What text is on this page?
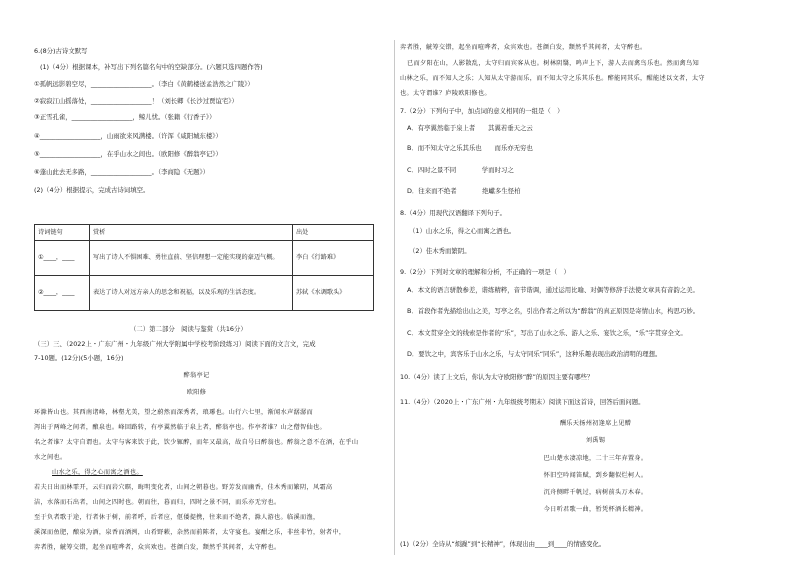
6.(8分)古诗文默写
(1)（4分）根据课本，补写出下列名篇名句中的空缺部分。(六题只选四题作答)
①孤帆远影碧空尽，___________________。（李白《黄鹤楼送孟浩然之广陵》）
②寂寂江山摇落处，___________________！（刘长卿《长沙过贾谊宅》）
③正雪孔雀，___________________，鲸儿忧。（张籍《行香子》）
④___________________，山雨欲来风满楼。（许浑《咸阳城东楼》）
⑤___________________，在乎山水之间也。（欧阳修《醉翁亭记》）
⑥蓬山此去无多路，___________________。（李商隐《无题》）
(2)（4分）根据提示，完成古诗词填空。
（二）第二部分　阅读与鉴赏（共16分）
（三）三、（2022上・广东广州・九年级广州大学附属中学校考阶段练习）阅读下面的文言文，完成
7-10题。(12分)(5小题，16分)
醉翁亭记
欧阳修
环滁皆山也。其西南诸峰，林壑尤美，望之蔚然而深秀者，琅琊也。山行六七里，渐闻水声潺潺而
泻出于两峰之间者，酿泉也。峰回路转，有亭翼然临于泉上者，醉翁亭也。作亭者谁？山之僧智仙也。
名之者谁？太守自谓也。太守与客来饮于此，饮少辄醉，而年又最高，故自号曰醉翁也。醉翁之意不在酒，在乎山
水之间也。
山水之乐，得之心而寓之酒也。
若夫日出而林霏开，云归而岩穴暝，晦明变化者，山间之朝暮也。野芳发而幽香，佳木秀而繁阴，风霜高
洁，水落而石出者，山间之四时也。朝而往，暮而归，四时之景不同，而乐亦无穷也。
至于负者歌于途，行者休于树，前者呼，后者应，伛偻提携，往来而不绝者，滁人游也。临溪而渔，
溪深而鱼肥，酿泉为酒，泉香而酒洌，山肴野蔌，杂然而前陈者，太守宴也。宴酣之乐，非丝非竹，射者中，
弈者胜，觥筹交错，起坐而喧哗者，众宾欢也。苍颜白发，颓然乎其间者，太守醉也。
弈者胜，觥筹交错，起坐而喧哗者，众宾欢也。苍颜白发，颓然乎其间者，太守醉也。
已而夕阳在山，人影散乱，太守归而宾客从也。树林阴翳，鸣声上下，游人去而禽鸟乐也。然而禽鸟知
山林之乐，而不知人之乐；人知从太守游而乐，而不知太守之乐其乐也。醉能同其乐，醒能述以文者，太守
也。太守谓谁？庐陵欧阳修也。
7.（2分）下列句子中，加点词的意义相同的一组是（　）
A．有亭翼然临于泉上者　　其翼若垂天之云
B．而不知太守之乐其乐也　　而乐亦无穷也
C．四时之景不同　　　　学而时习之
D．往来而不绝者　　　　绝巘多生怪柏
8.（4分）用现代汉语翻译下列句子。
（1）山水之乐，得之心而寓之酒也。
（2）佳木秀而繁阴。
9.（2分）下列对文章的理解和分析，不正确的一项是（　）
A．本文的语言骈散参差，谐练精粹，音节谐调，通过运用比喻、对偶等修辞手法使文章具有音韵之美。
B．首段作者先描绘出山之美，写亭之名，引出作者之所以为“醉翁”的真正原因是寄情山水，构思巧妙。
C．本文贯穿全文的线索是作者的“乐”，写出了山水之乐、游人之乐、宴饮之乐，“乐”字贯穿全文。
D．要饮之中，宾客乐于山水之乐，与太守同乐“同乐”，这种乐趣表现出政治清明的理想。
10.（4分）读了上文后，你认为太守欧阳修“醉”的原因主要有哪些？
11.（4分）（2020上・广东广州・九年级统考期末）阅读下面这首诗，回答后面问题。
(1)（2分）全诗从“烦躁”到“长精神”，体现出由____到____的情感变化。
酬乐天扬州初逢席上见赠
刘禹锡
巴山楚水凄凉地，二十三年弃置身。
怀旧空吟闻笛赋，到乡翻似烂柯人。
沉舟侧畔千帆过，病树前头万木春。
今日听君歌一曲，暂凭杯酒长精神。
诗词链句	赏析	出处
①____，____	写出了诗人不惧困难、勇往直前、坚信理想一定能实现的豪迈气概。	李白《行路难》
②____，____	表达了诗人对远方亲人的思念和祝福，以及乐观的生活态度。	苏轼《水调歌头》
